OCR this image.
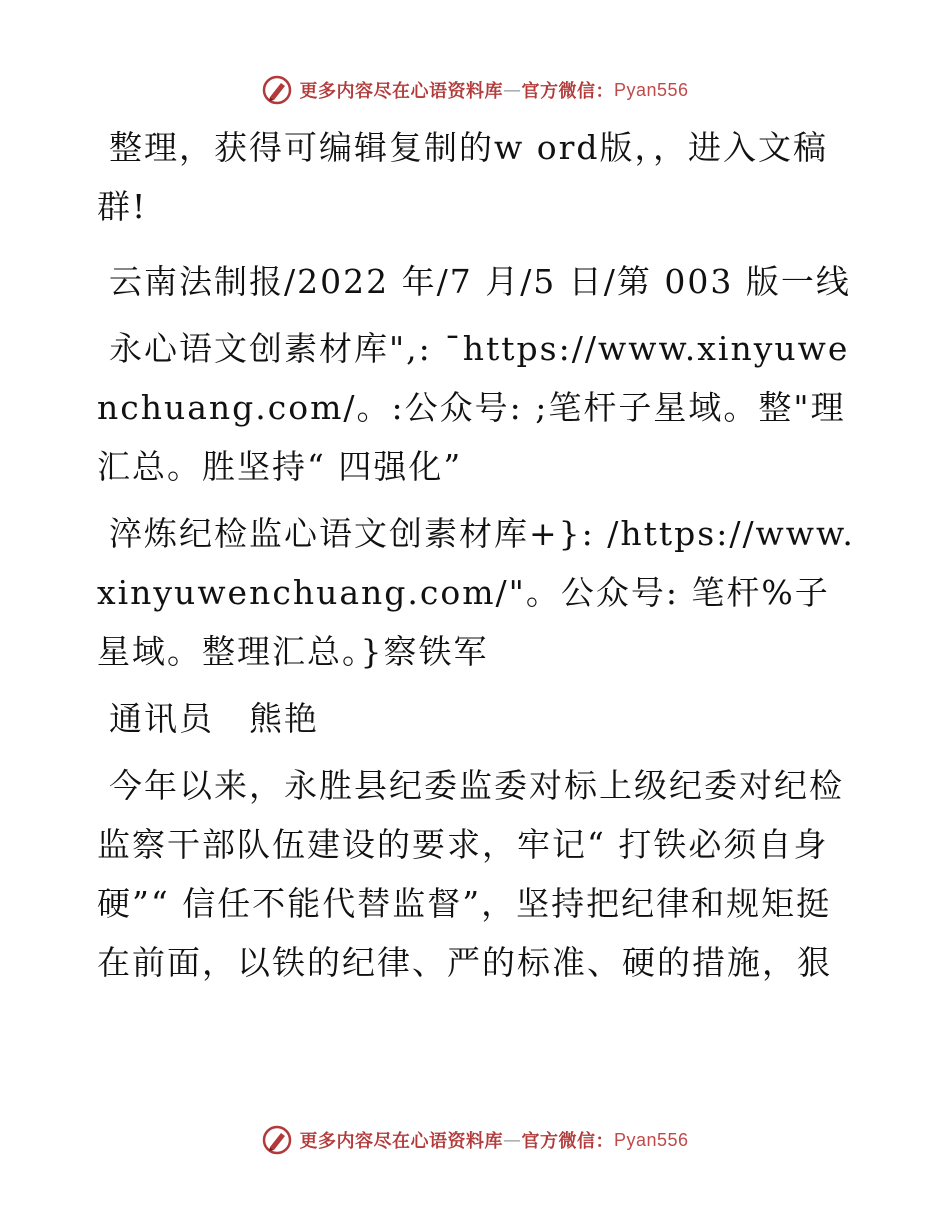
更多内容尽在心语资料库 — 官方微信： Pyan556

整理，获得可编辑复制的w ord版，，进入文稿群!

云南法制报/2022 年/7 月/5 日/第 003 版一线

永心语文创素材库",: ¯https://www.xinyuwenchuang.com/。:公众号: ;笔杆子星域。整"理汇总。胜坚持“ 四强化”

淬炼纪检监心语文创素材库+}: /https://www.xinyuwenchuang.com/"。公众号: 笔杆%子星域。整理汇总。}察铁军

通讯员　熊艳

今年以来，永胜县纪委监委对标上级纪委对纪检监察干部队伍建设的要求，牢记“ 打铁必须自身硬”“ 信任不能代替监督”，坚持把纪律和规矩挺在前面，以铁的纪律、严的标准、硬的措施，狠

更多内容尽在心语资料库 — 官方微信： Pyan556
